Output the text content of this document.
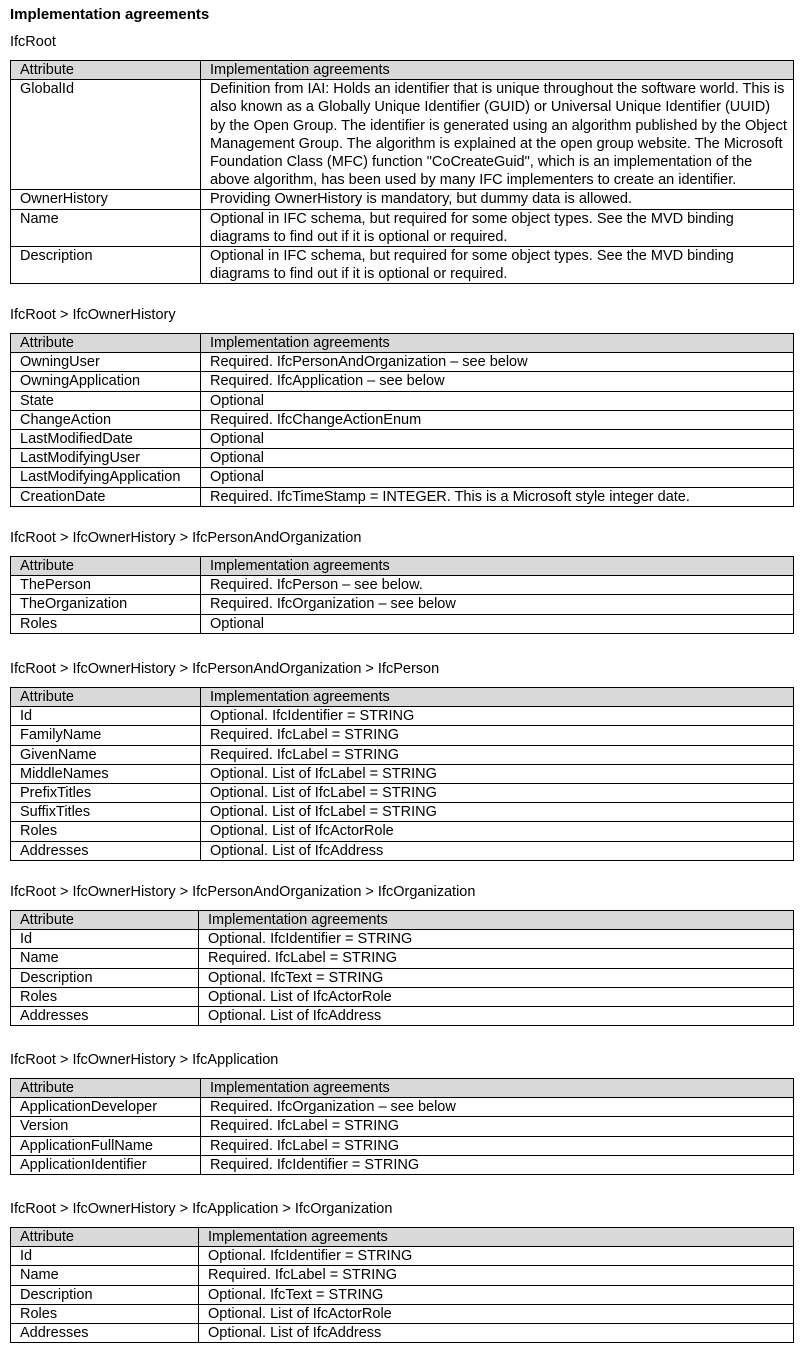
Implementation agreements
IfcRoot
Attribute	Implementation agreements
GlobalId	Definition from IAI: Holds an identifier that is unique throughout the software world. This is also known as a Globally Unique Identifier (GUID) or Universal Unique Identifier (UUID) by the Open Group. The identifier is generated using an algorithm published by the Object Management Group. The algorithm is explained at the open group website. The Microsoft Foundation Class (MFC) function "CoCreateGuid", which is an implementation of the above algorithm, has been used by many IFC implementers to create an identifier.
OwnerHistory	Providing OwnerHistory is mandatory, but dummy data is allowed.
Name	Optional in IFC schema, but required for some object types. See the MVD binding diagrams to find out if it is optional or required.
Description	Optional in IFC schema, but required for some object types. See the MVD binding diagrams to find out if it is optional or required.
IfcRoot > IfcOwnerHistory
Attribute	Implementation agreements
OwningUser	Required. IfcPersonAndOrganization – see below
OwningApplication	Required. IfcApplication – see below
State	Optional
ChangeAction	Required. IfcChangeActionEnum
LastModifiedDate	Optional
LastModifyingUser	Optional
LastModifyingApplication	Optional
CreationDate	Required. IfcTimeStamp = INTEGER. This is a Microsoft style integer date.
IfcRoot > IfcOwnerHistory > IfcPersonAndOrganization
Attribute	Implementation agreements
ThePerson	Required. IfcPerson – see below.
TheOrganization	Required. IfcOrganization – see below
Roles	Optional
IfcRoot > IfcOwnerHistory > IfcPersonAndOrganization > IfcPerson
Attribute	Implementation agreements
Id	Optional. IfcIdentifier = STRING
FamilyName	Required. IfcLabel = STRING
GivenName	Required. IfcLabel = STRING
MiddleNames	Optional. List of IfcLabel = STRING
PrefixTitles	Optional. List of IfcLabel = STRING
SuffixTitles	Optional. List of IfcLabel = STRING
Roles	Optional. List of IfcActorRole
Addresses	Optional. List of IfcAddress
IfcRoot > IfcOwnerHistory > IfcPersonAndOrganization > IfcOrganization
Attribute	Implementation agreements
Id	Optional. IfcIdentifier = STRING
Name	Required. IfcLabel = STRING
Description	Optional. IfcText = STRING
Roles	Optional. List of IfcActorRole
Addresses	Optional. List of IfcAddress
IfcRoot > IfcOwnerHistory > IfcApplication
Attribute	Implementation agreements
ApplicationDeveloper	Required. IfcOrganization – see below
Version	Required. IfcLabel = STRING
ApplicationFullName	Required. IfcLabel = STRING
ApplicationIdentifier	Required. IfcIdentifier = STRING
IfcRoot > IfcOwnerHistory > IfcApplication > IfcOrganization
Attribute	Implementation agreements
Id	Optional. IfcIdentifier = STRING
Name	Required. IfcLabel = STRING
Description	Optional. IfcText = STRING
Roles	Optional. List of IfcActorRole
Addresses	Optional. List of IfcAddress
